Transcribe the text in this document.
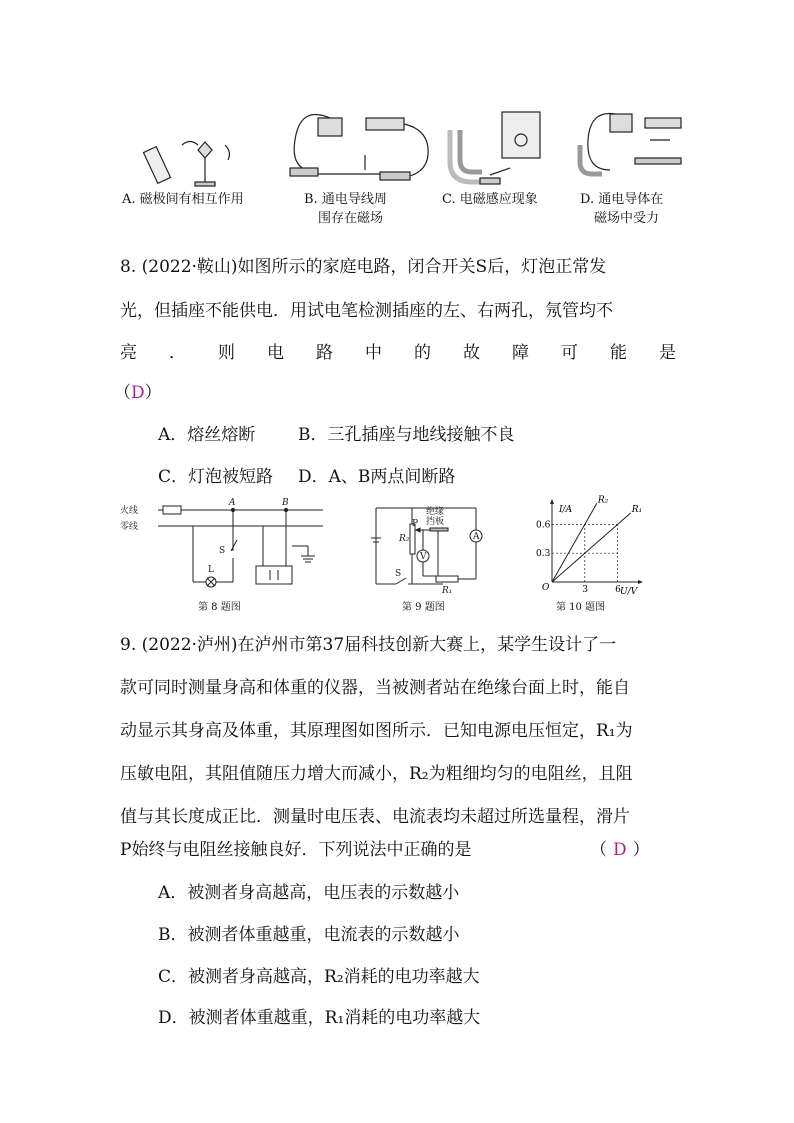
A. 磁极间有相互作用	B. 通电导线周
围存在磁场
C. 电磁感应现象	D. 通电导体在
磁场中受力
8. (2022·鞍山)如图所示的家庭电路，闭合开关S后，灯泡正常发
光，但插座不能供电．用试电笔检测插座的左、右两孔，氖管均不
亮 ． 则 电 路 中 的 故 障 可 能 是
（D）
A．熔丝熔断	B．三孔插座与地线接触不良
C．灯泡被短路 D．A、B两点间断路
火线
零线
A	B
S
L
第 8 题图
R₂
P
绝缘
挡板
A
V
S
R₁
第 9 题图
I/A
U/V
O
0.3
0.6
3	6
R₂
R₁
第 10 题图
9. (2022·泸州)在泸州市第37届科技创新大赛上，某学生设计了一
款可同时测量身高和体重的仪器，当被测者站在绝缘台面上时，能自
动显示其身高及体重，其原理图如图所示．已知电源电压恒定，R₁为
压敏电阻，其阻值随压力增大而减小，R₂为粗细均匀的电阻丝，且阻
值与其长度成正比．测量时电压表、电流表均未超过所选量程，滑片
P始终与电阻丝接触良好．下列说法中正确的是	（ D ）
A．被测者身高越高，电压表的示数越小
B．被测者体重越重，电流表的示数越小
C．被测者身高越高，R₂消耗的电功率越大
D．被测者体重越重，R₁消耗的电功率越大
